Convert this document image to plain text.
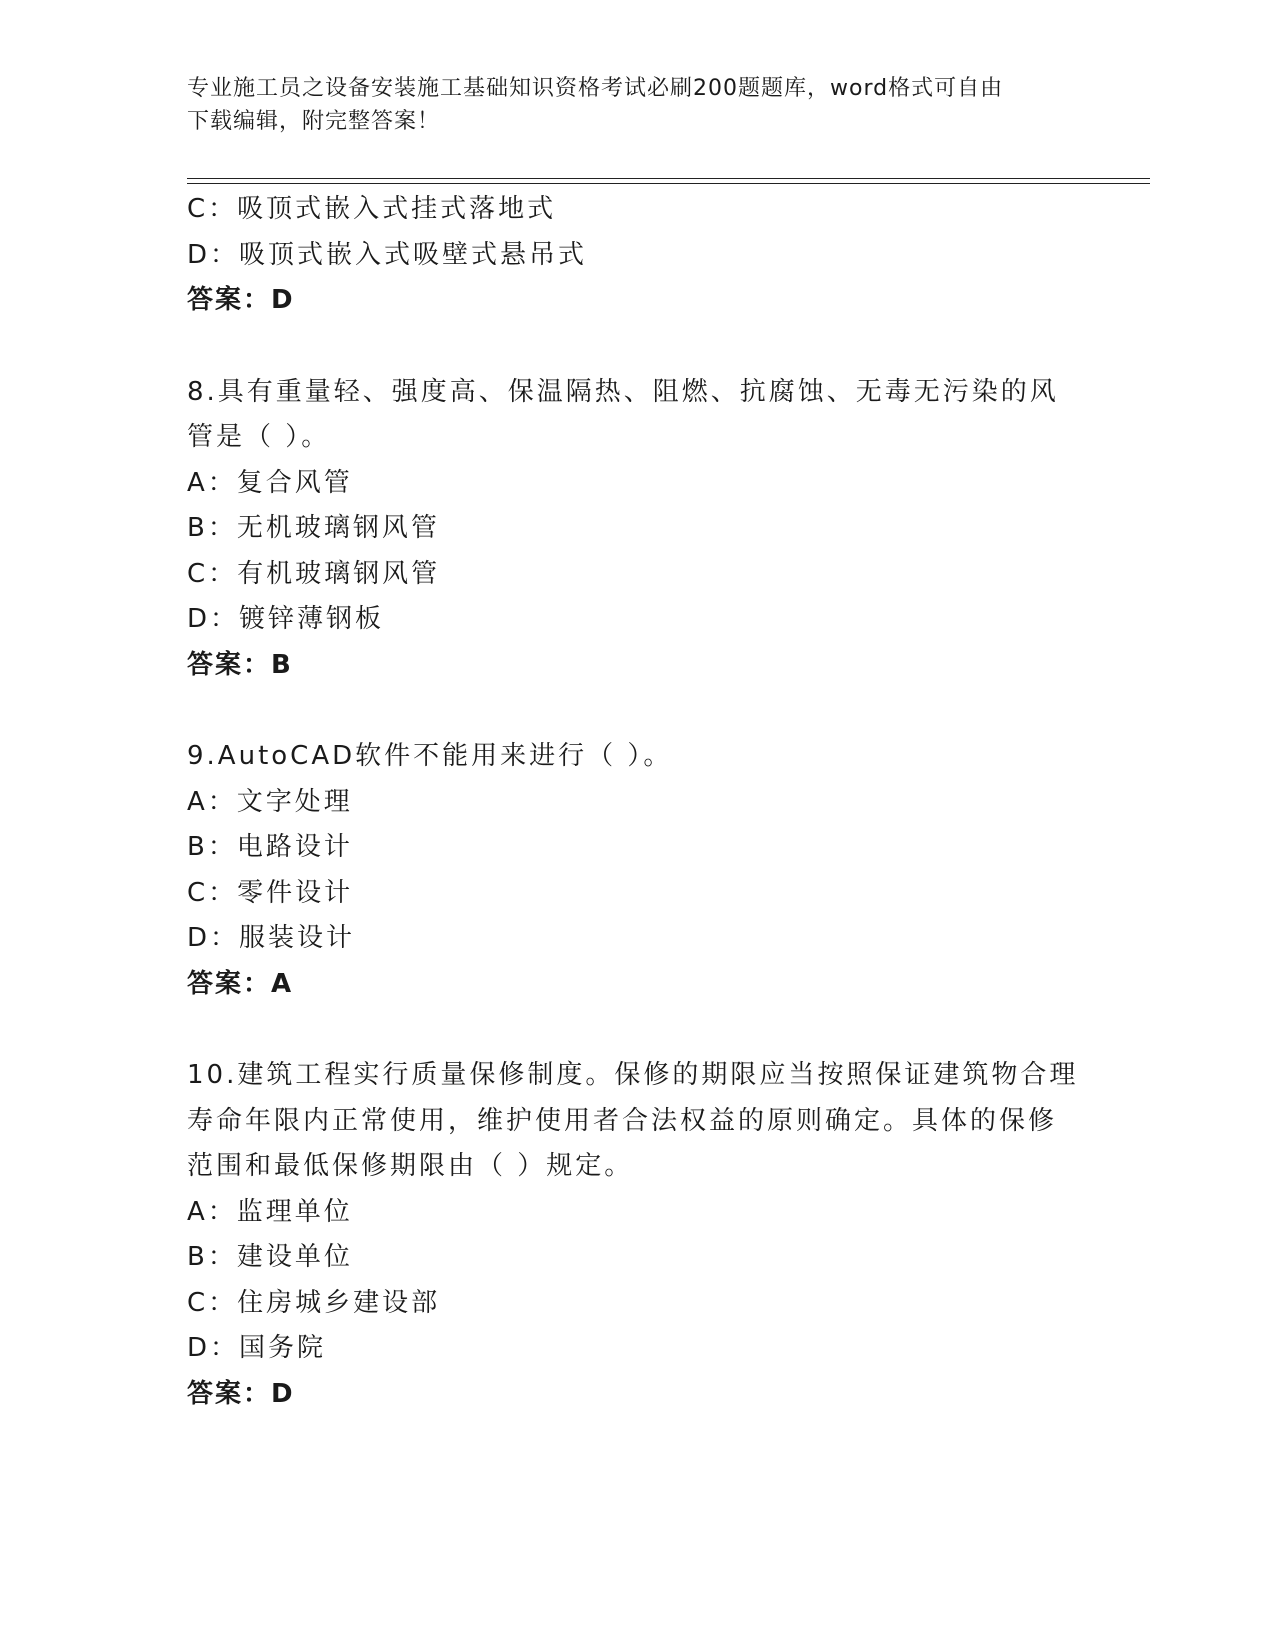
专业施工员之设备安装施工基础知识资格考试必刷200题题库，word格式可自由
下载编辑，附完整答案！
C：吸顶式嵌入式挂式落地式
D：吸顶式嵌入式吸壁式悬吊式
答案：D
8.具有重量轻、强度高、保温隔热、阻燃、抗腐蚀、无毒无污染的风
管是（ ）。
A：复合风管
B：无机玻璃钢风管
C：有机玻璃钢风管
D：镀锌薄钢板
答案：B
9.AutoCAD软件不能用来进行（ ）。
A：文字处理
B：电路设计
C：零件设计
D：服装设计
答案：A
10.建筑工程实行质量保修制度。保修的期限应当按照保证建筑物合理
寿命年限内正常使用，维护使用者合法权益的原则确定。具体的保修
范围和最低保修期限由（ ）规定。
A：监理单位
B：建设单位
C：住房城乡建设部
D：国务院
答案：D
